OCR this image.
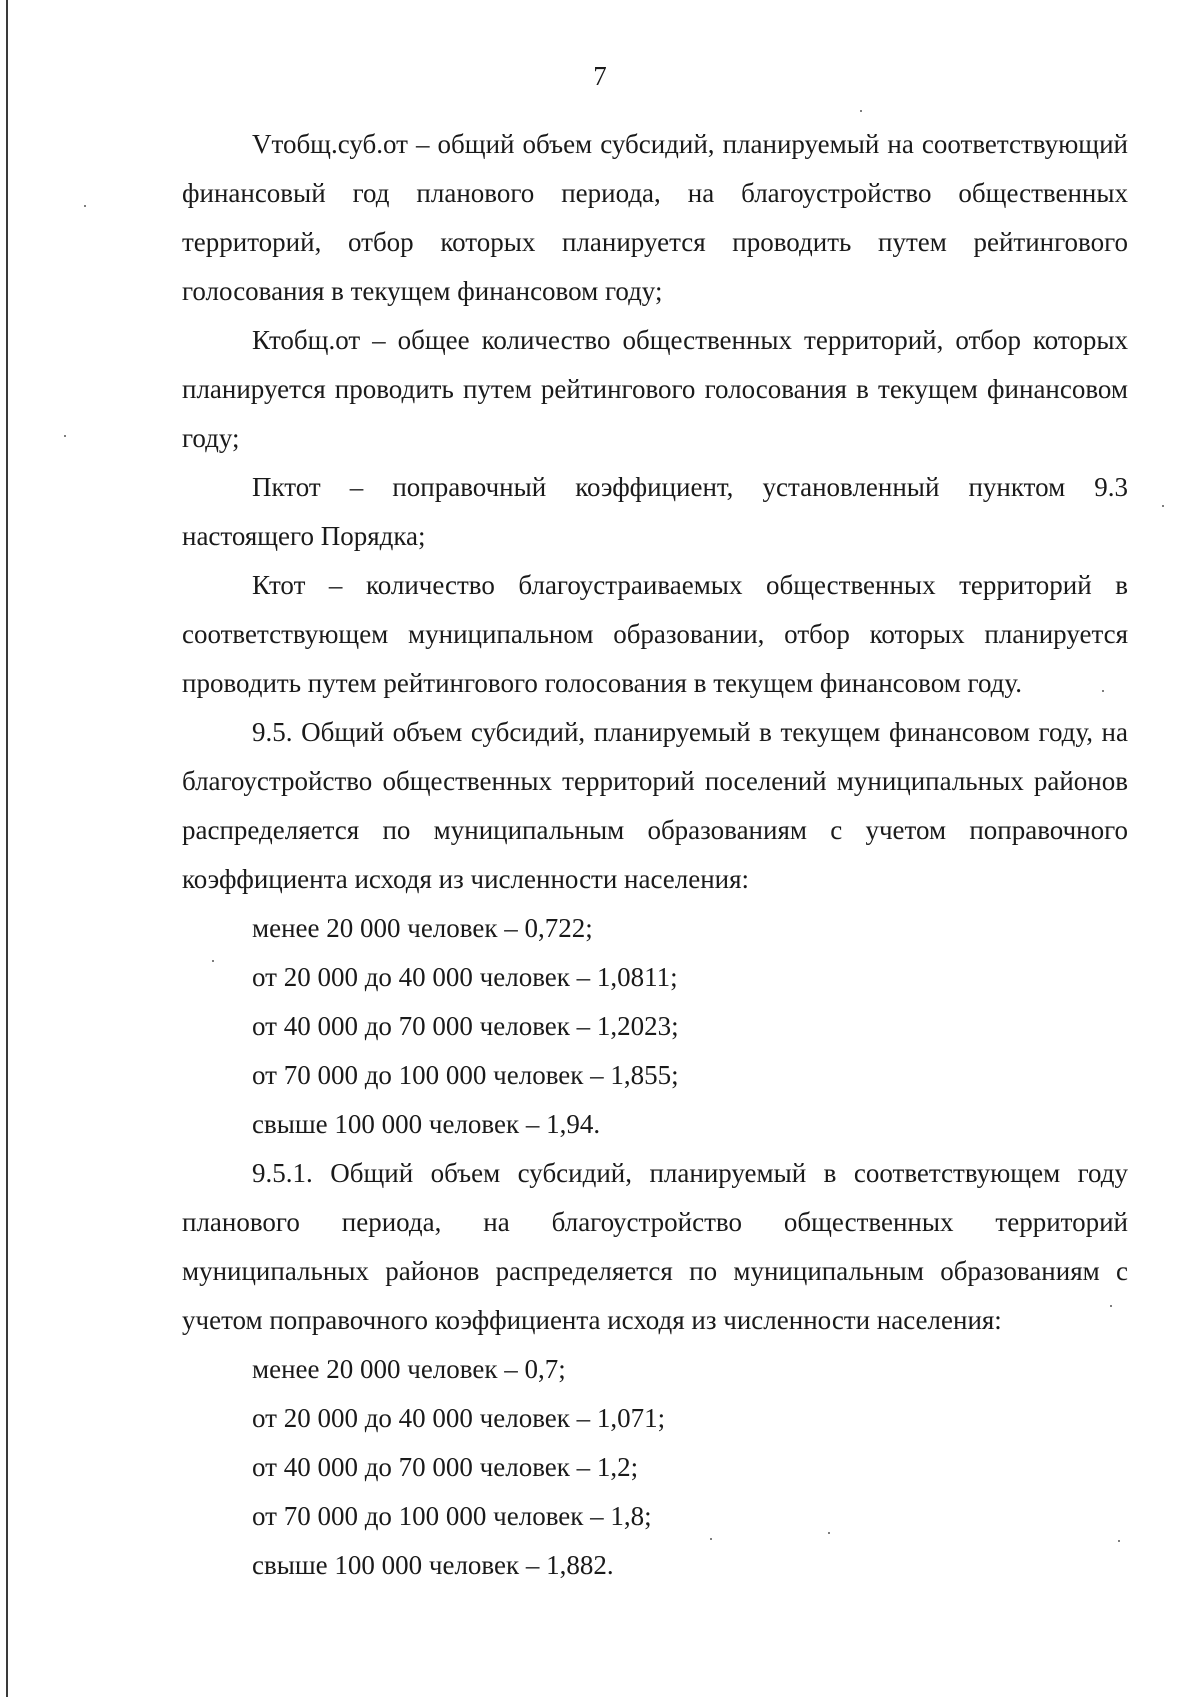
7

Vтобщ.суб.от – общий объем субсидий, планируемый на соответствующий финансовый год планового периода, на благоустройство общественных территорий, отбор которых планируется проводить путем рейтингового голосования в текущем финансовом году;

Ктобщ.от – общее количество общественных территорий, отбор которых планируется проводить путем рейтингового голосования в текущем финансовом году;

Пктот – поправочный коэффициент, установленный пунктом 9.3 настоящего Порядка;

Ктот – количество благоустраиваемых общественных территорий в соответствующем муниципальном образовании, отбор которых планируется проводить путем рейтингового голосования в текущем финансовом году.

9.5. Общий объем субсидий, планируемый в текущем финансовом году, на благоустройство общественных территорий поселений муниципальных районов распределяется по муниципальным образованиям с учетом поправочного коэффициента исходя из численности населения:

менее 20 000 человек – 0,722;

от 20 000 до 40 000 человек – 1,0811;

от 40 000 до 70 000 человек – 1,2023;

от 70 000 до 100 000 человек – 1,855;

свыше 100 000 человек – 1,94.

9.5.1. Общий объем субсидий, планируемый в соответствующем году планового периода, на благоустройство общественных территорий муниципальных районов распределяется по муниципальным образованиям с учетом поправочного коэффициента исходя из численности населения:

менее 20 000 человек – 0,7;

от 20 000 до 40 000 человек – 1,071;

от 40 000 до 70 000 человек – 1,2;

от 70 000 до 100 000 человек – 1,8;

свыше 100 000 человек – 1,882.
